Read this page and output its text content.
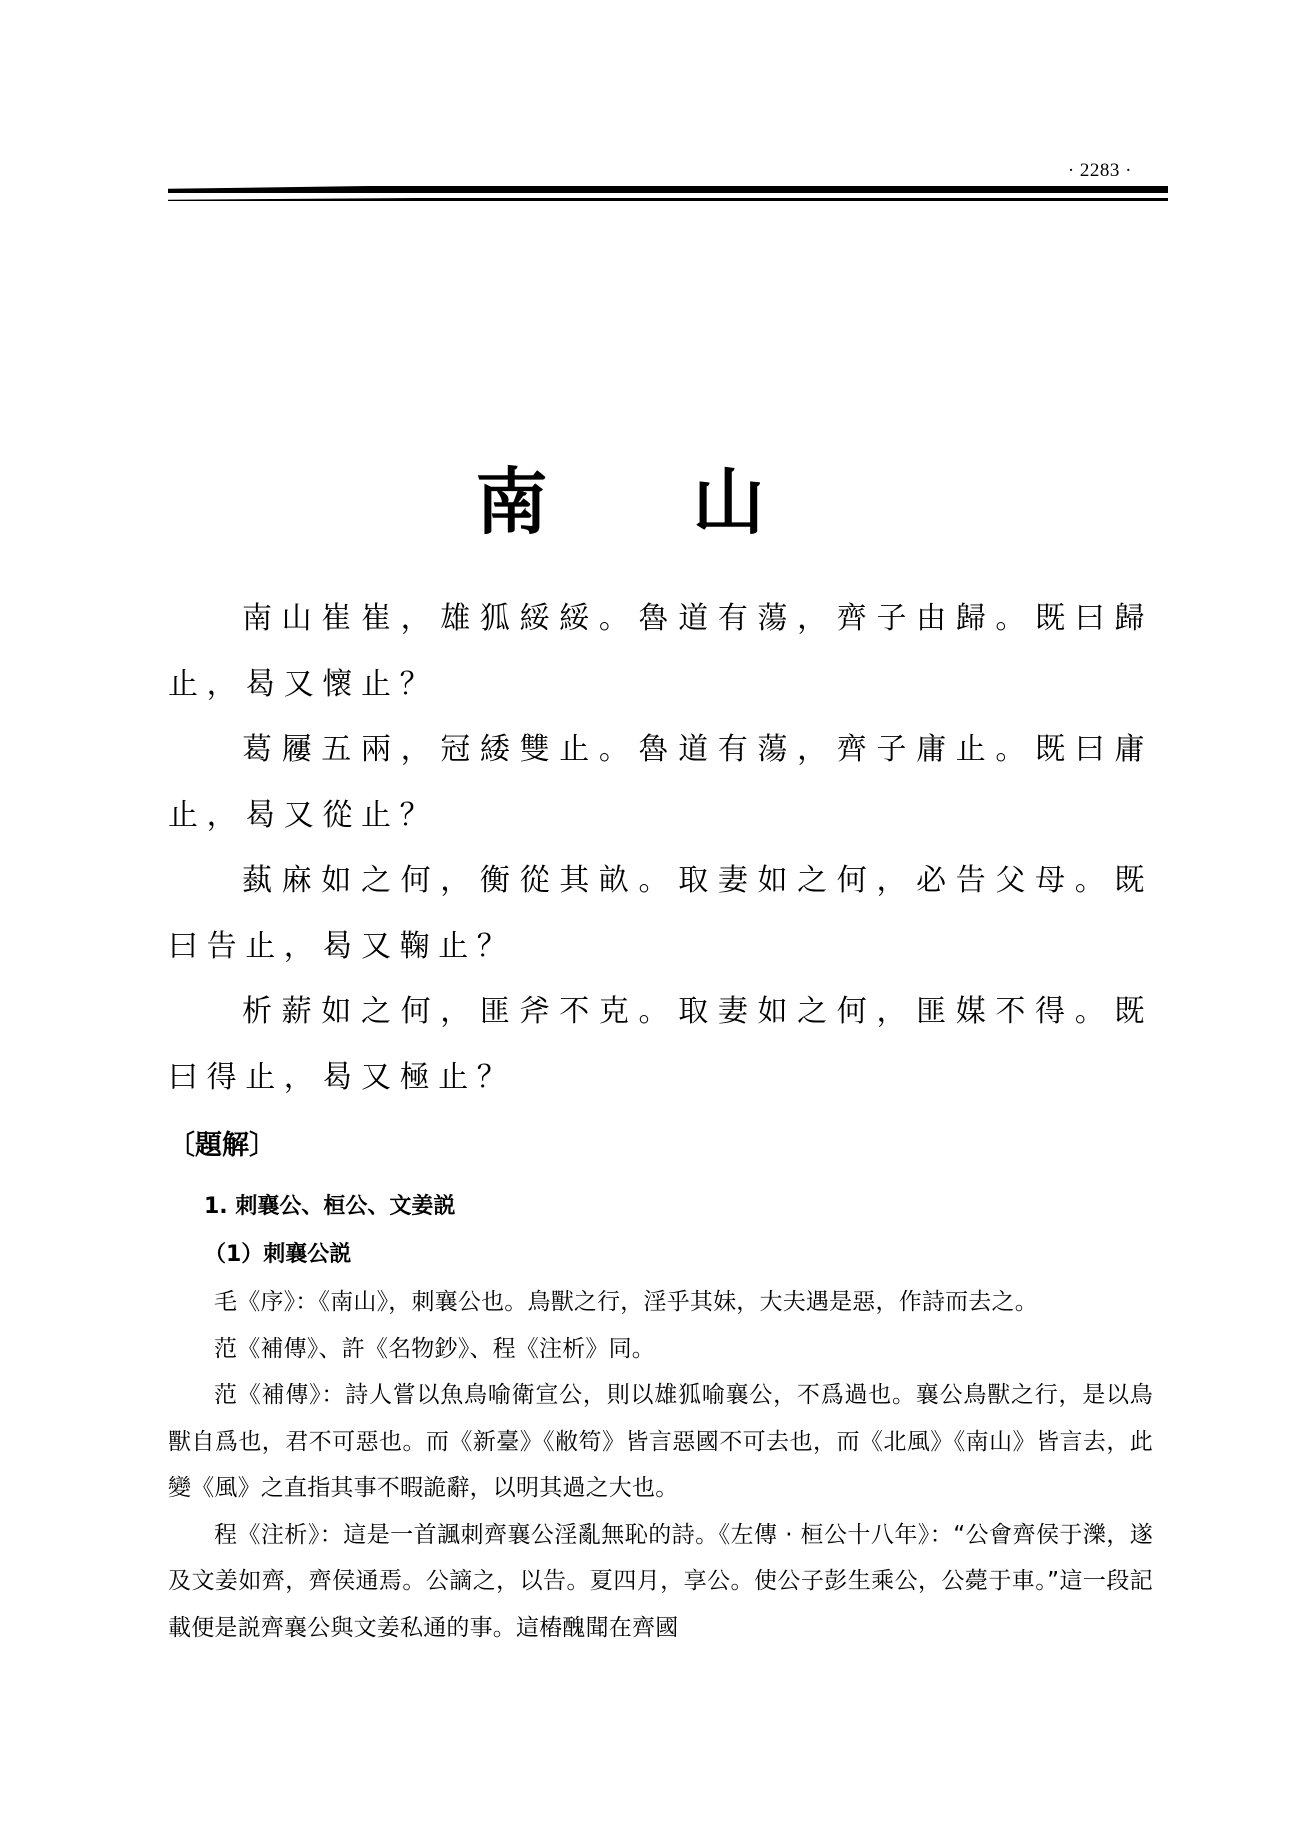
· 2283 ·
南 山

南山崔崔，雄狐綏綏。魯道有蕩，齊子由歸。既曰歸止，曷又懷止？

葛屨五兩，冠緌雙止。魯道有蕩，齊子庸止。既曰庸止，曷又從止？

蓺麻如之何，衡從其畝。取妻如之何，必告父母。既曰告止，曷又鞠止？

析薪如之何，匪斧不克。取妻如之何，匪媒不得。既曰得止，曷又極止？

〔題解〕
1. 刺襄公、桓公、文姜説
（1）刺襄公説

毛《序》：《南山》，刺襄公也。鳥獸之行，淫乎其妹，大夫遇是惡，作詩而去之。

范《補傳》、許《名物鈔》、程《注析》同。

范《補傳》：詩人嘗以魚鳥喻衛宣公，則以雄狐喻襄公，不爲過也。襄公鳥獸之行，是以鳥獸自爲也，君不可惡也。而《新臺》《敝笱》皆言惡國不可去也，而《北風》《南山》皆言去，此變《風》之直指其事不暇詭辭，以明其過之大也。

程《注析》：這是一首諷刺齊襄公淫亂無恥的詩。《左傳 · 桓公十八年》：“公會齊侯于濼，遂及文姜如齊，齊侯通焉。公謫之，以告。夏四月，享公。使公子彭生乘公，公薨于車。”這一段記載便是説齊襄公與文姜私通的事。這樁醜聞在齊國
